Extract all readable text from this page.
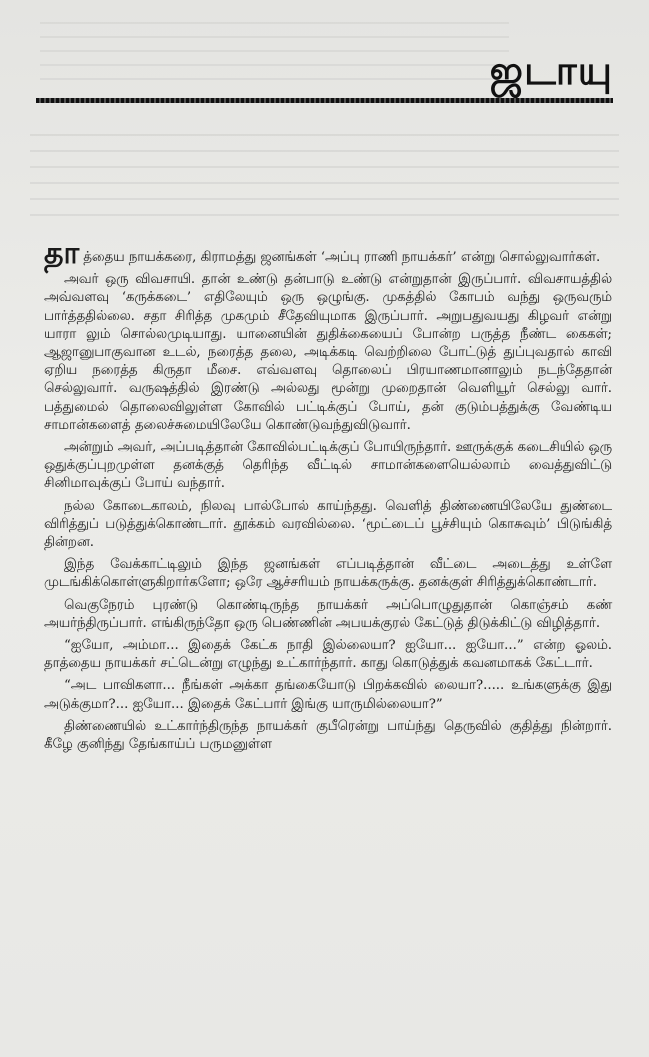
ஜடாயு

தாத்தைய நாயக்கரை, கிராமத்து ஜனங்கள் ‘அப்பு ராணி நாயக்கர்’ என்று சொல்லுவார்கள்.

அவர் ஒரு விவசாயி. தான் உண்டு தன்பாடு உண்டு என்றுதான் இருப்பார். விவசாயத்தில் அவ்வளவு ‘கருக்கடை’ எதிலேயும் ஒரு ஒழுங்கு. முகத்தில் கோபம் வந்து ஒருவரும் பார்த்ததில்லை. சதா சிரித்த முகமும் சீதேவியுமாக இருப்பார். அறுபதுவயது கிழவர் என்று யாரா லும் சொல்லமுடியாது. யானையின் துதிக்கையைப் போன்ற பருத்த நீண்ட கைகள்; ஆஜானுபாகுவான உடல், நரைத்த தலை, அடிக்கடி வெற்றிலை போட்டுத் துப்புவதால் காவி ஏறிய நரைத்த கிருதா மீசை. எவ்வளவு தொலைப் பிரயாணமானாலும் நடந்தேதான் செல்லுவார். வருஷத்தில் இரண்டு அல்லது மூன்று முறைதான் வெளியூர் செல்லு வார். பத்துமைல் தொலைவிலுள்ள கோவில் பட்டிக்குப் போய், தன் குடும்பத்துக்கு வேண்டிய சாமான்களைத் தலைச்சுமையிலேயே கொண்டுவந்துவிடுவார்.

அன்றும் அவர், அப்படித்தான் கோவில்பட்டிக்குப் போயிருந்தார். ஊருக்குக் கடைசியில் ஒரு ஒதுக்குப்புறமுள்ள தனக்குத் தெரிந்த வீட்டில் சாமான்களையெல்லாம் வைத்துவிட்டு சினிமாவுக்குப் போய் வந்தார்.

நல்ல கோடைகாலம், நிலவு பால்போல் காய்ந்தது. வெளித் திண்ணையிலேயே துண்டை விரித்துப் படுத்துக்கொண்டார். தூக்கம் வரவில்லை. ‘மூட்டைப் பூச்சியும் கொசுவும்’ பிடுங்கித் தின்றன.

இந்த வேக்காட்டிலும் இந்த ஜனங்கள் எப்படித்தான் வீட்டை அடைத்து உள்ளே முடங்கிக்கொள்ளுகிறார்களோ; ஒரே ஆச்சரியம் நாயக்கருக்கு. தனக்குள் சிரித்துக்கொண்டார்.

வெகுநேரம் புரண்டு கொண்டிருந்த நாயக்கர் அப்பொழுதுதான் கொஞ்சம் கண் அயர்ந்திருப்பார். எங்கிருந்தோ ஒரு பெண்ணின் அபயக்குரல் கேட்டுத் திடுக்கிட்டு விழித்தார்.

“ஐயோ, அம்மா... இதைக் கேட்க நாதி இல்லையா? ஐயோ... ஐயோ...” என்ற ஓலம். தாத்தைய நாயக்கர் சட்டென்று எழுந்து உட்கார்ந்தார். காது கொடுத்துக் கவனமாகக் கேட்டார்.

“அட பாவிகளா... நீங்கள் அக்கா தங்கையோடு பிறக்கவில் லையா?..... உங்களுக்கு இது அடுக்குமா?... ஐயோ... இதைக் கேட்பார் இங்கு யாருமில்லையா?”

திண்ணையில் உட்கார்ந்திருந்த நாயக்கர் குபீரென்று பாய்ந்து தெருவில் குதித்து நின்றார். கீழே குனிந்து தேங்காய்ப் பருமனுள்ள
